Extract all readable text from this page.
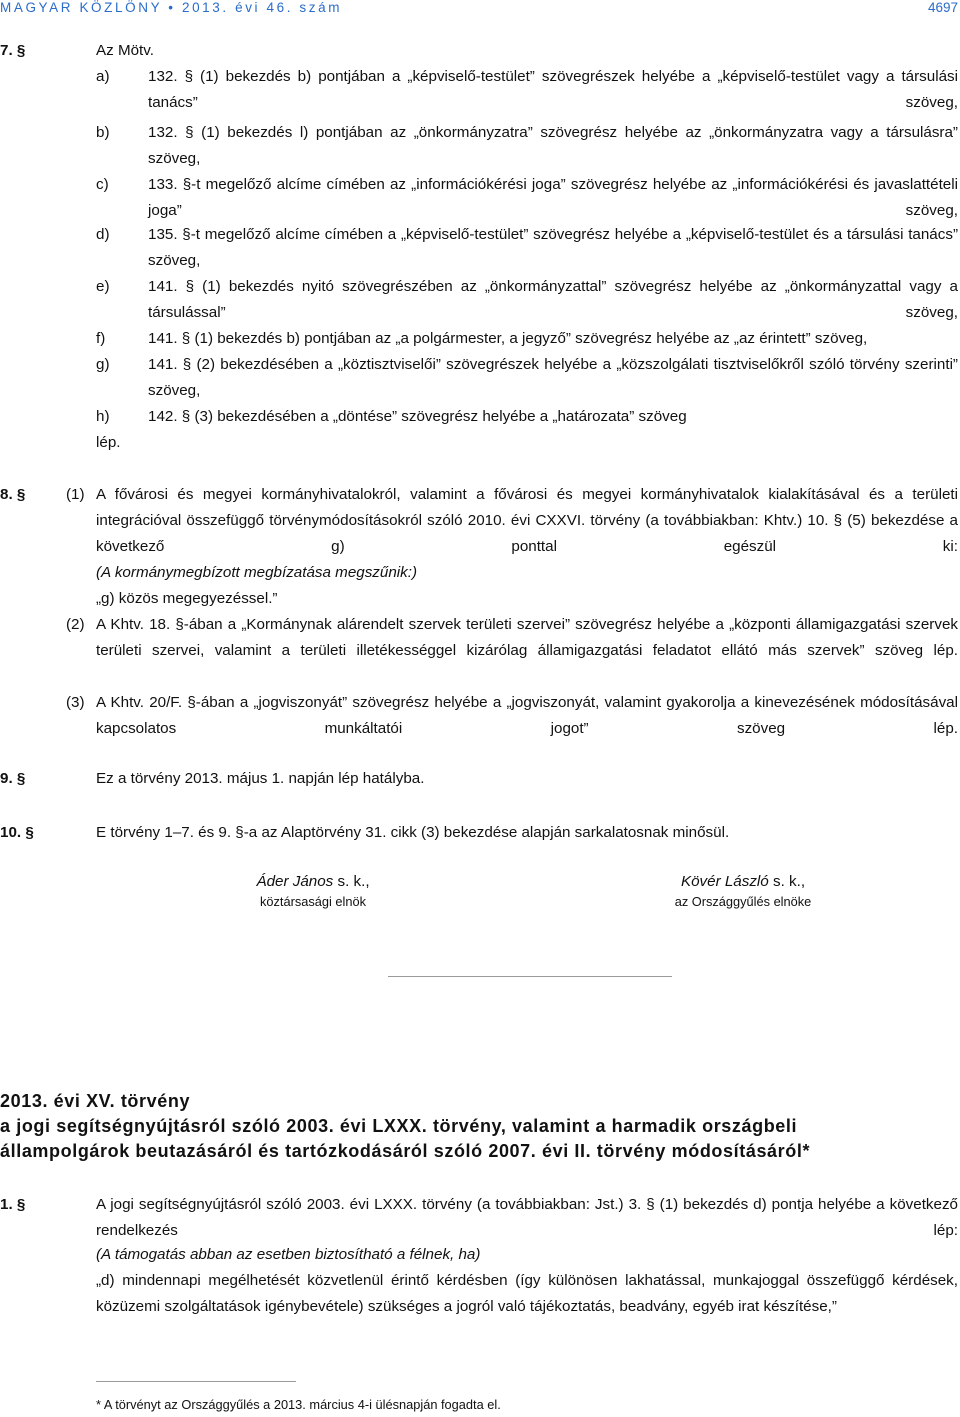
MAGYAR KÖZLÖNY • 2013. évi 46. szám	4697
7. §	Az Mötv.
a)	132. § (1) bekezdés b) pontjában a „képviselő-testület” szövegrészek helyébe a „képviselő-testület vagy a társulási tanács” szöveg,
b)	132. § (1) bekezdés l) pontjában az „önkormányzatra” szövegrész helyébe az „önkormányzatra vagy a társulásra” szöveg,
c)	133. §-t megelőző alcíme címében az „információkérési joga” szövegrész helyébe az „információkérési és javaslattételi joga” szöveg,
d)	135. §-t megelőző alcíme címében a „képviselő-testület” szövegrész helyébe a „képviselő-testület és a társulási tanács” szöveg,
e)	141. § (1) bekezdés nyitó szövegrészében az „önkormányzattal” szövegrész helyébe az „önkormányzattal vagy a társulással” szöveg,
f)	141. § (1) bekezdés b) pontjában az „a polgármester, a jegyző” szövegrész helyébe az „az érintett” szöveg,
g)	141. § (2) bekezdésében a „köztisztviselői” szövegrészek helyébe a „közszolgálati tisztviselőkről szóló törvény szerinti” szöveg,
h)	142. § (3) bekezdésében a „döntése” szövegrész helyébe a „határozata” szöveg
lép.
8. §	(1) A fővárosi és megyei kormányhivatalokról, valamint a fővárosi és megyei kormányhivatalok kialakításával és a területi integrációval összefüggő törvénymódosításokról szóló 2010. évi CXXVI. törvény (a továbbiakban: Khtv.) 10. § (5) bekezdése a következő g) ponttal egészül ki:
(A kormánymegbízott megbízatása megszűnik:)
„g) közös megegyezéssel.”
(2) A Khtv. 18. §-ában a „Kormánynak alárendelt szervek területi szervei” szövegrész helyébe a „központi államigazgatási szervek területi szervei, valamint a területi illetékességgel kizárólag államigazgatási feladatot ellátó más szervek” szöveg lép.
(3) A Khtv. 20/F. §-ában a „jogviszonyát” szövegrész helyébe a „jogviszonyát, valamint gyakorolja a kinevezésének módosításával kapcsolatos munkáltatói jogot” szöveg lép.
9. §	Ez a törvény 2013. május 1. napján lép hatályba.
10. §	E törvény 1–7. és 9. §-a az Alaptörvény 31. cikk (3) bekezdése alapján sarkalatosnak minősül.
Áder János s. k.,
köztársasági elnök
Kövér László s. k.,
az Országgyűlés elnöke
2013. évi XV. törvény
a jogi segítségnyújtásról szóló 2003. évi LXXX. törvény, valamint a harmadik országbeli
állampolgárok beutazásáról és tartózkodásáról szóló 2007. évi II. törvény módosításáról*
1. §	A jogi segítségnyújtásról szóló 2003. évi LXXX. törvény (a továbbiakban: Jst.) 3. § (1) bekezdés d) pontja helyébe a következő rendelkezés lép:
(A támogatás abban az esetben biztosítható a félnek, ha)
„d) mindennapi megélhetését közvetlenül érintő kérdésben (így különösen lakhatással, munkajoggal összefüggő kérdések, közüzemi szolgáltatások igénybevétele) szükséges a jogról való tájékoztatás, beadvány, egyéb irat készítése,”
* A törvényt az Országgyűlés a 2013. március 4-i ülésnapján fogadta el.
